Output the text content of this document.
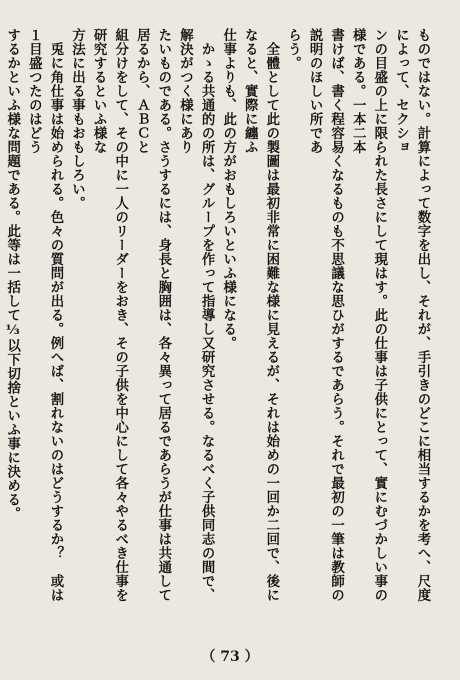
ものではない。計算によって数字を出し、それが、手引きのどこに相当するかを考へ、尺度によって、セクショ

ンの目盛の上に限られた長さにして現はす。此の仕事は子供にとって、實にむづかしい事の様である。一本二本

書けば、書く程容易くなるものも不思議な思ひがするであらう。それで最初の一筆は教師の説明のほしい所であ

らう。

　全體として此の製圖は最初非常に困難な様に見えるが、それは始めの一回か二回で、後になると、實際に纏ふ

仕事よりも、此の方がおもしろいといふ様になる。

　かゝる共通的の所は、グループを作って指導し又研究させる。なるべく子供同志の間で、解決がつく様にあり

たいものである。さうするには、身長と胸囲は、各々異って居るであらうが仕事は共通して居るから、ＡＢＣと

組分けをして、その中に一人のリーダーをおき、その子供を中心にして各々やるべき仕事を研究するといふ様な

方法に出る事もおもしろい。

　兎に角仕事は始められる。色々の質問が出る。例へば、割れないのはどうするか？　或は１目盛つたのはどう

するかといふ様な問題である。此等は一括して⅓以下切捨といふ事に決める。

（ 73 ）
